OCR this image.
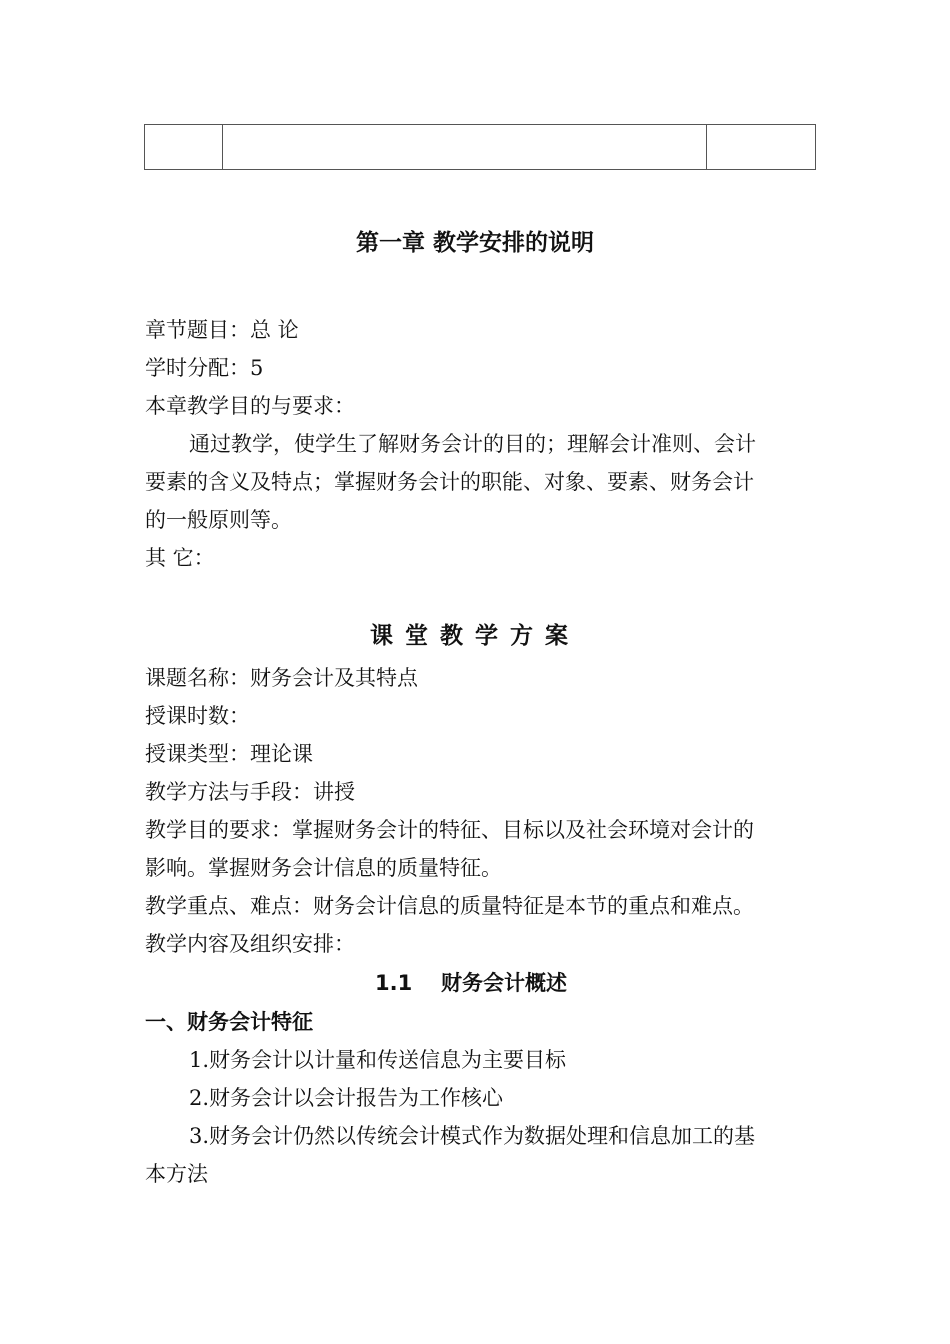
第一章 教学安排的说明
章节题目：总 论
学时分配：5
本章教学目的与要求：
通过教学，使学生了解财务会计的目的；理解会计准则、会计
要素的含义及特点；掌握财务会计的职能、对象、要素、财务会计
的一般原则等。
其 它：
课堂教学方案
课题名称：财务会计及其特点
授课时数：
授课类型：理论课
教学方法与手段：讲授
教学目的要求：掌握财务会计的特征、目标以及社会环境对会计的
影响。掌握财务会计信息的质量特征。
教学重点、难点：财务会计信息的质量特征是本节的重点和难点。
教学内容及组织安排：
1.1 财务会计概述
一、财务会计特征
1.财务会计以计量和传送信息为主要目标
2.财务会计以会计报告为工作核心
3.财务会计仍然以传统会计模式作为数据处理和信息加工的基
本方法
